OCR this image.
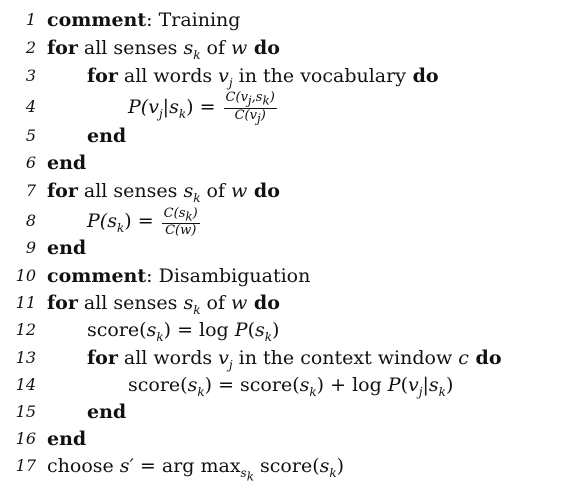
1 comment: Training
2 for all senses $s_k$ of w do
3	for all words $v_j$ in the vocabulary do
4	$P(v_j|s_k) = \frac{C(v_j,s_k)}{C(v_j)}$
5	end
6 end
7 for all senses $s_k$ of w do
8	$P(s_k) = \frac{C(s_k)}{C(w)}$
9 end
10 comment: Disambiguation
11 for all senses $s_k$ of w do
12	$score(s_k) = \log P(s_k)$
13	for all words $v_j$ in the context window c do
14	$score(s_k)$ = $score(s_k) + \log P(v_j|s_k)$
15	end
16 end
17 choose s′ = arg $\max_{s_k}$ $score(s_k)$
